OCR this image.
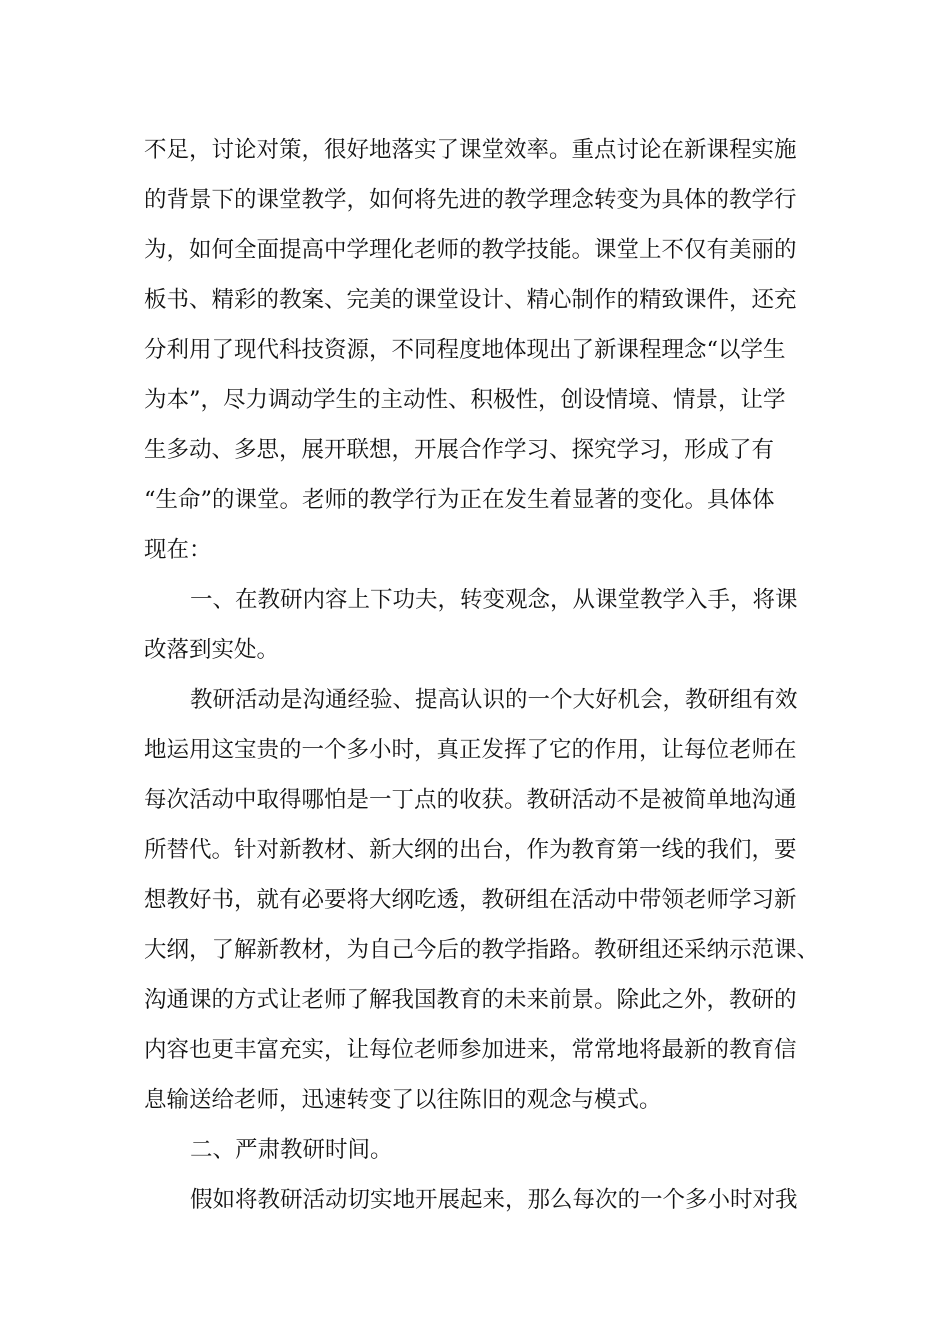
不足，讨论对策，很好地落实了课堂效率。重点讨论在新课程实施
的背景下的课堂教学，如何将先进的教学理念转变为具体的教学行
为，如何全面提高中学理化老师的教学技能。课堂上不仅有美丽的
板书、精彩的教案、完美的课堂设计、精心制作的精致课件，还充
分利用了现代科技资源，不同程度地体现出了新课程理念“以学生
为本”，尽力调动学生的主动性、积极性，创设情境、情景，让学
生多动、多思，展开联想，开展合作学习、探究学习，形成了有
“生命”的课堂。老师的教学行为正在发生着显著的变化。具体体
现在：
一、在教研内容上下功夫，转变观念，从课堂教学入手，将课
改落到实处。
教研活动是沟通经验、提高认识的一个大好机会，教研组有效
地运用这宝贵的一个多小时，真正发挥了它的作用，让每位老师在
每次活动中取得哪怕是一丁点的收获。教研活动不是被简单地沟通
所替代。针对新教材、新大纲的出台，作为教育第一线的我们，要
想教好书，就有必要将大纲吃透，教研组在活动中带领老师学习新
大纲，了解新教材，为自己今后的教学指路。教研组还采纳示范课、
沟通课的方式让老师了解我国教育的未来前景。除此之外，教研的
内容也更丰富充实，让每位老师参加进来，常常地将最新的教育信
息输送给老师，迅速转变了以往陈旧的观念与模式。
二、严肃教研时间。
假如将教研活动切实地开展起来，那么每次的一个多小时对我
